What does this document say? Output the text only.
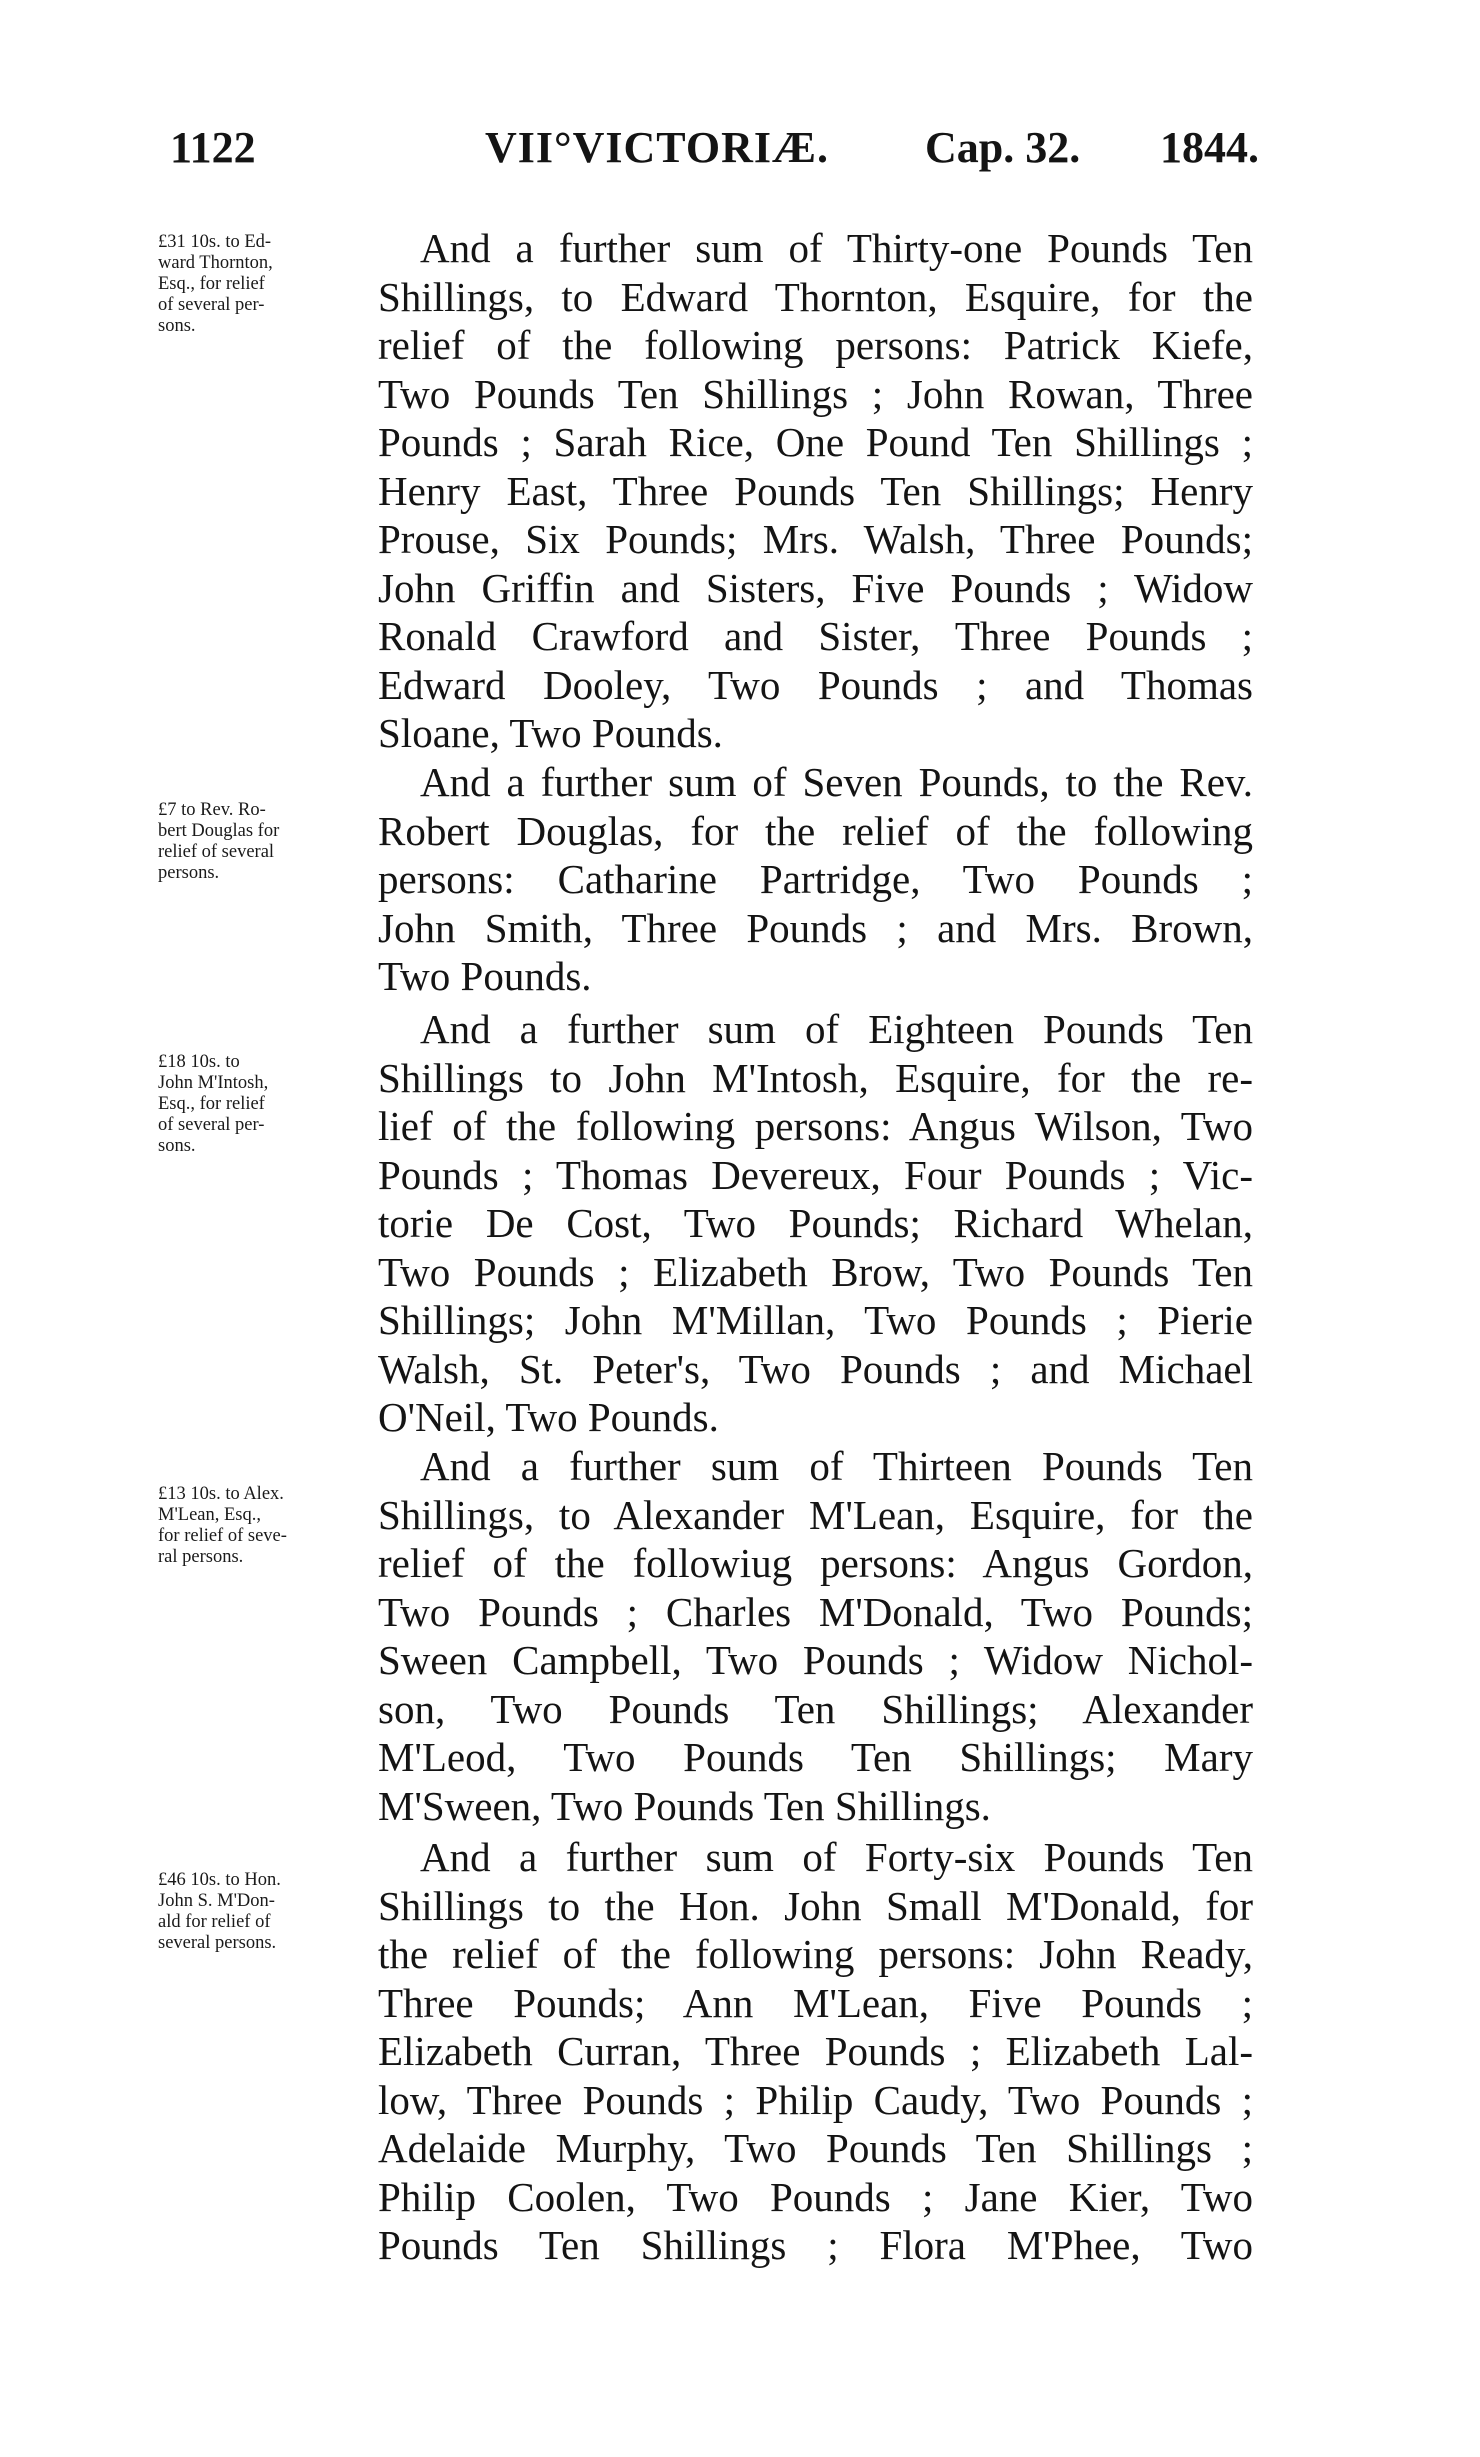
1122	VII°VICTORIÆ. Cap. 32. 1844.
£31 10s. to Ed-
ward Thornton,
Esq., for relief
of several per-
sons.
And a further sum of Thirty-one Pounds Ten
Shillings, to Edward Thornton, Esquire, for the
relief of the following persons: Patrick Kiefe,
Two Pounds Ten Shillings ; John Rowan, Three
Pounds ; Sarah Rice, One Pound Ten Shillings ;
Henry East, Three Pounds Ten Shillings; Henry
Prouse, Six Pounds; Mrs. Walsh, Three Pounds;
John Griffin and Sisters, Five Pounds ; Widow
Ronald Crawford and Sister, Three Pounds ;
Edward Dooley, Two Pounds ; and Thomas
Sloane, Two Pounds.
£7 to Rev. Ro-
bert Douglas for
relief of several
persons.
And a further sum of Seven Pounds, to the Rev.
Robert Douglas, for the relief of the following
persons: Catharine Partridge, Two Pounds ;
John Smith, Three Pounds ; and Mrs. Brown,
Two Pounds.
£18 10s. to
John M'Intosh,
Esq., for relief
of several per-
sons.
And a further sum of Eighteen Pounds Ten
Shillings to John M'Intosh, Esquire, for the re-
lief of the following persons: Angus Wilson, Two
Pounds ; Thomas Devereux, Four Pounds ; Vic-
torie De Cost, Two Pounds; Richard Whelan,
Two Pounds ; Elizabeth Brow, Two Pounds Ten
Shillings; John M'Millan, Two Pounds ; Pierie
Walsh, St. Peter's, Two Pounds ; and Michael
O'Neil, Two Pounds.
£13 10s. to Alex.
M'Lean, Esq.,
for relief of seve-
ral persons.
And a further sum of Thirteen Pounds Ten
Shillings, to Alexander M'Lean, Esquire, for the
relief of the followiug persons: Angus Gordon,
Two Pounds ; Charles M'Donald, Two Pounds;
Sween Campbell, Two Pounds ; Widow Nichol-
son, Two Pounds Ten Shillings; Alexander
M'Leod, Two Pounds Ten Shillings; Mary
M'Sween, Two Pounds Ten Shillings.
£46 10s. to Hon.
John S. M'Don-
ald for relief of
several persons.
And a further sum of Forty-six Pounds Ten
Shillings to the Hon. John Small M'Donald, for
the relief of the following persons: John Ready,
Three Pounds; Ann M'Lean, Five Pounds ;
Elizabeth Curran, Three Pounds ; Elizabeth Lal-
low, Three Pounds ; Philip Caudy, Two Pounds ;
Adelaide Murphy, Two Pounds Ten Shillings ;
Philip Coolen, Two Pounds ; Jane Kier, Two
Pounds Ten Shillings ; Flora M'Phee, Two
